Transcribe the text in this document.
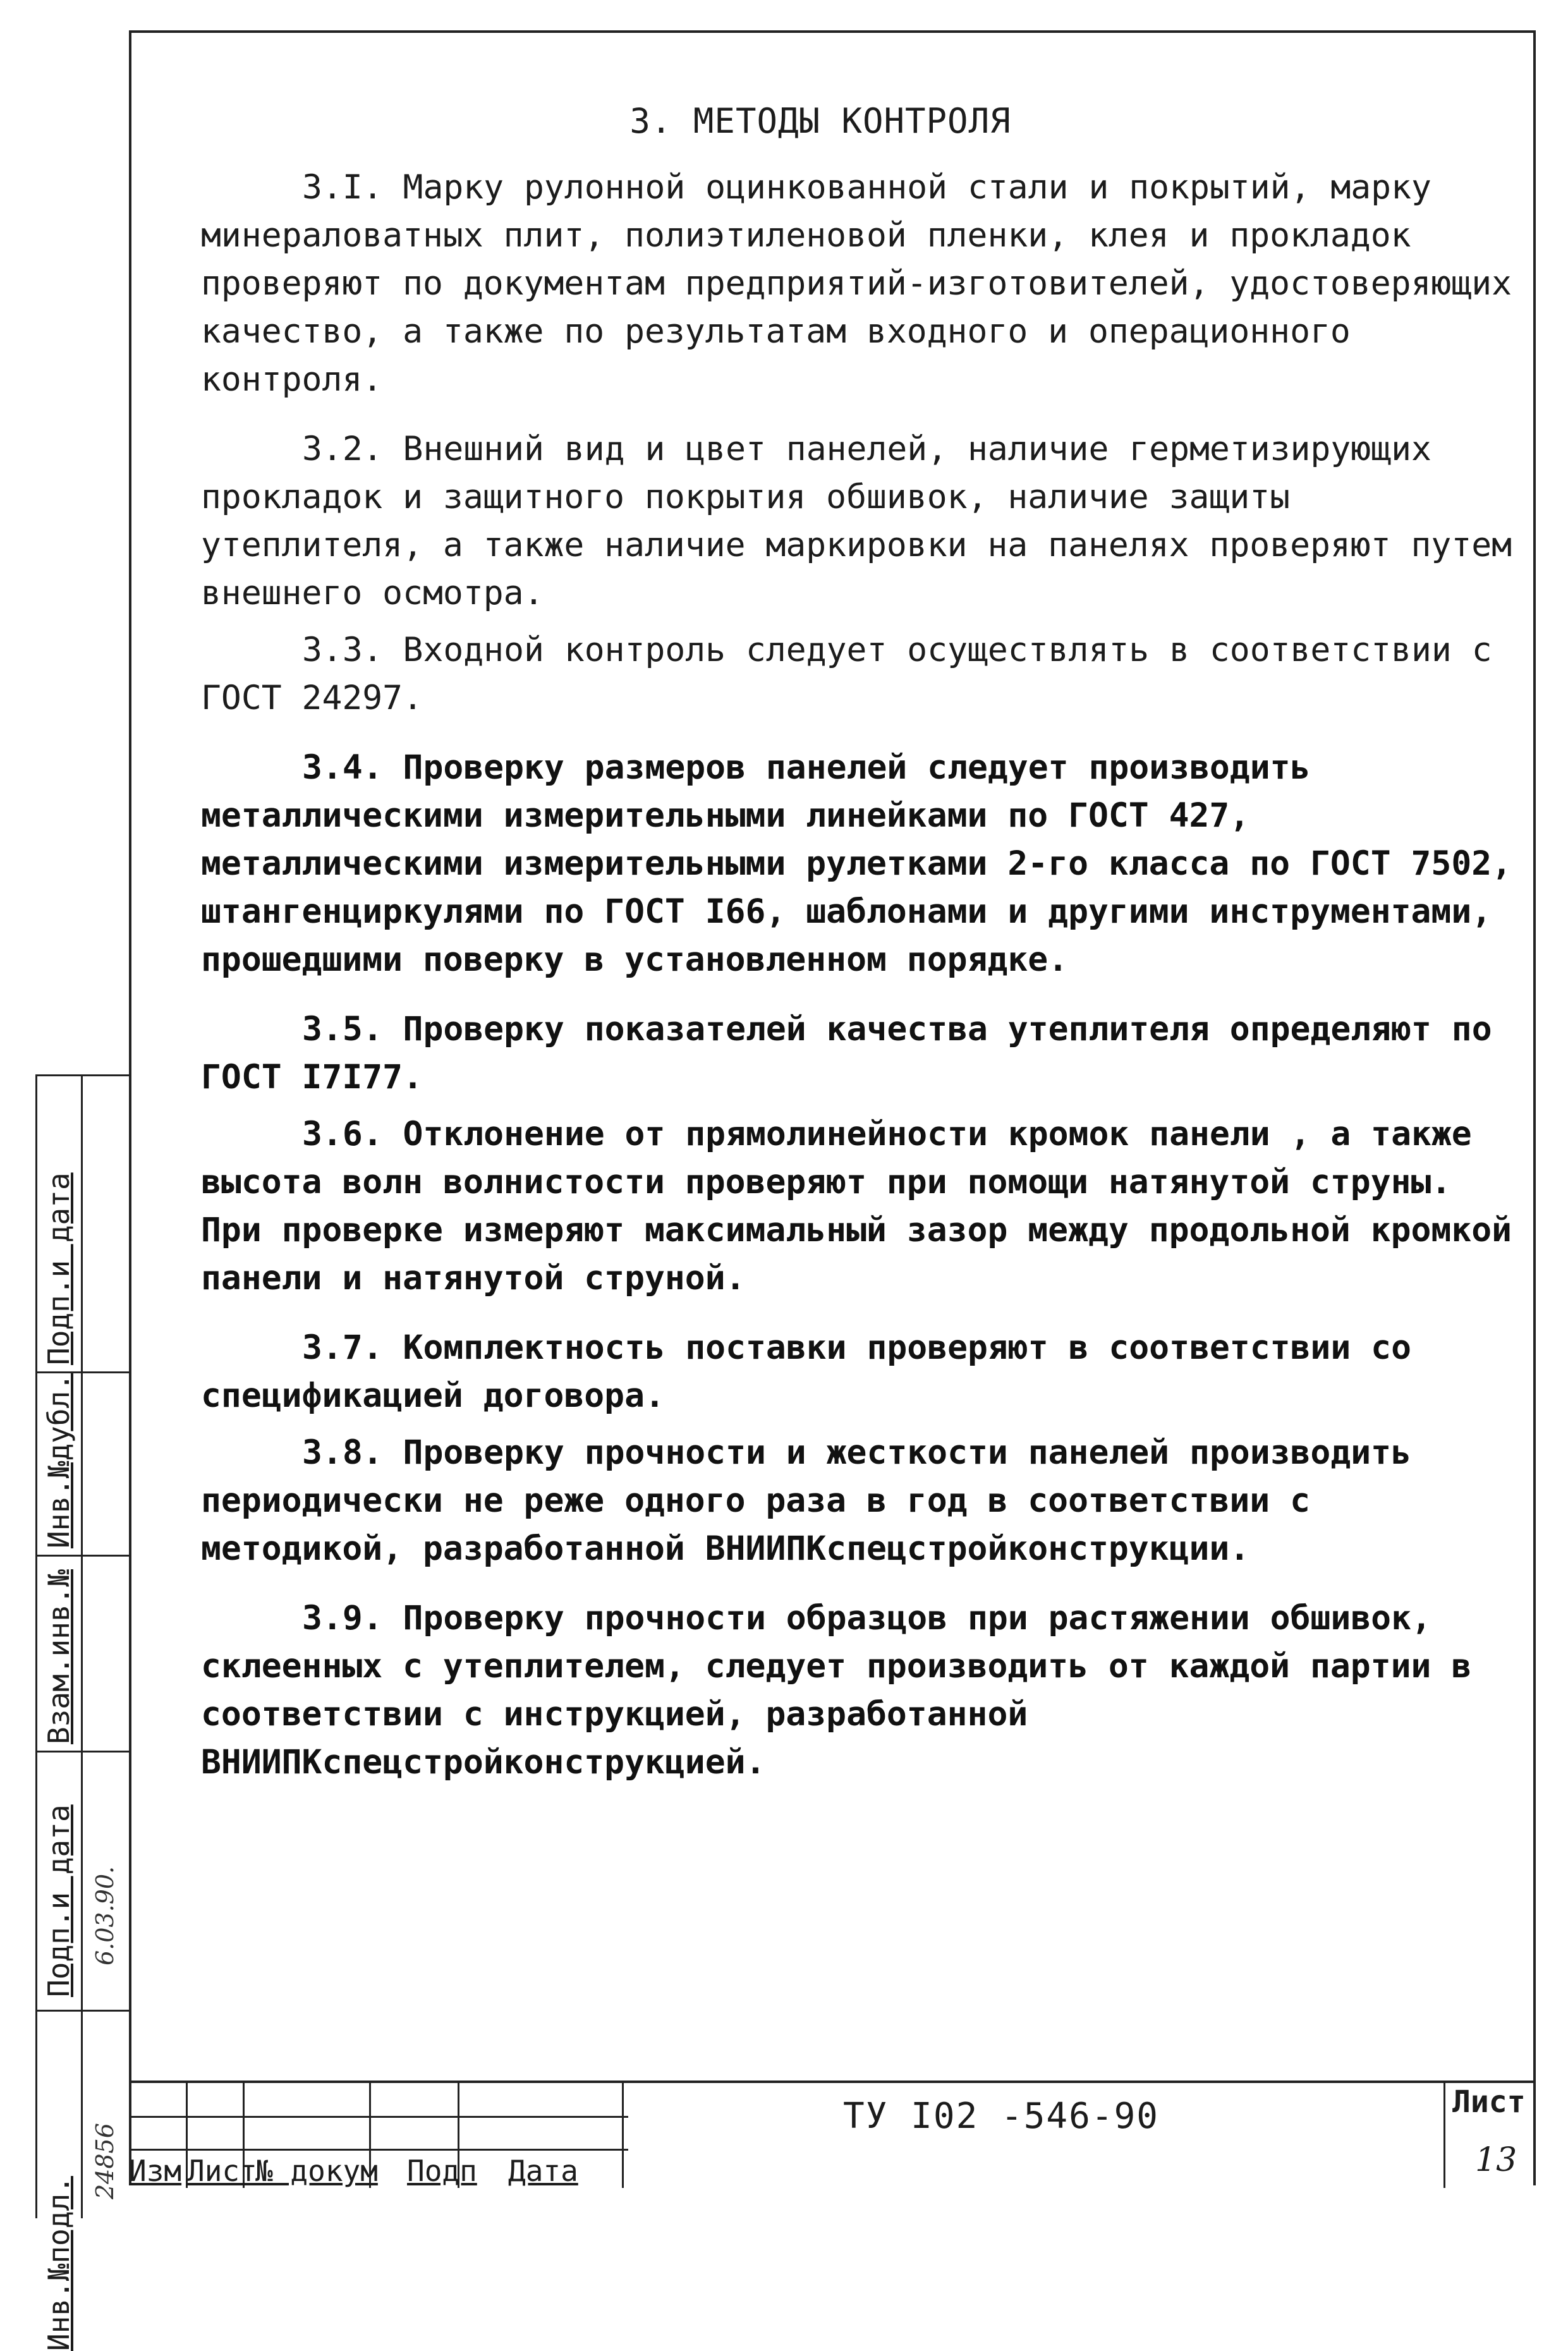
3. МЕТОДЫ КОНТРОЛЯ

3.I. Марку рулонной оцинкованной стали и покрытий, марку минераловатных плит, полиэтиленовой пленки, клея и прокладок проверяют по документам предприятий-изготовителей, удостоверяющих качество, а также по результатам входного и операционного контроля.

3.2. Внешний вид и цвет панелей, наличие герметизирующих прокладок и защитного покрытия обшивок, наличие защиты утеплителя, а также наличие маркировки на панелях проверяют путем внешнего осмотра.

3.3. Входной контроль следует осуществлять в соответствии с ГОСТ 24297.

3.4. Проверку размеров панелей следует производить металлическими измерительными линейками по ГОСТ 427, металлическими измерительными рулетками 2-го класса по ГОСТ 7502, штангенциркулями по ГОСТ I66, шаблонами и другими инструментами, прошедшими поверку в установленном порядке.

3.5. Проверку показателей качества утеплителя определяют по ГОСТ I7I77.

3.6. Отклонение от прямолинейности кромок панели , а также высота волн волнистости проверяют при помощи натянутой струны. При проверке измеряют максимальный зазор между продольной кромкой панели и натянутой струной.

3.7. Комплектность поставки проверяют в соответствии со спецификацией договора.

3.8. Проверку прочности и жесткости панелей производить периодически не реже одного раза в год в соответствии с методикой, разработанной ВНИИПКспецстройконструкции.

3.9. Проверку прочности образцов при растяжении обшивок, склеенных с утеплителем, следует производить от каждой партии в соответствии с инструкцией, разработанной ВНИИПКспецстройконструкцией.

Инв.№подл.
Подп.и дата
Взам.инв.№
Инв.№дубл.
Подп.и дата
24856
6.03.90.
Изм Лист
№ докум Подп Дата
ТУ I02 -546-90	Лист
13
